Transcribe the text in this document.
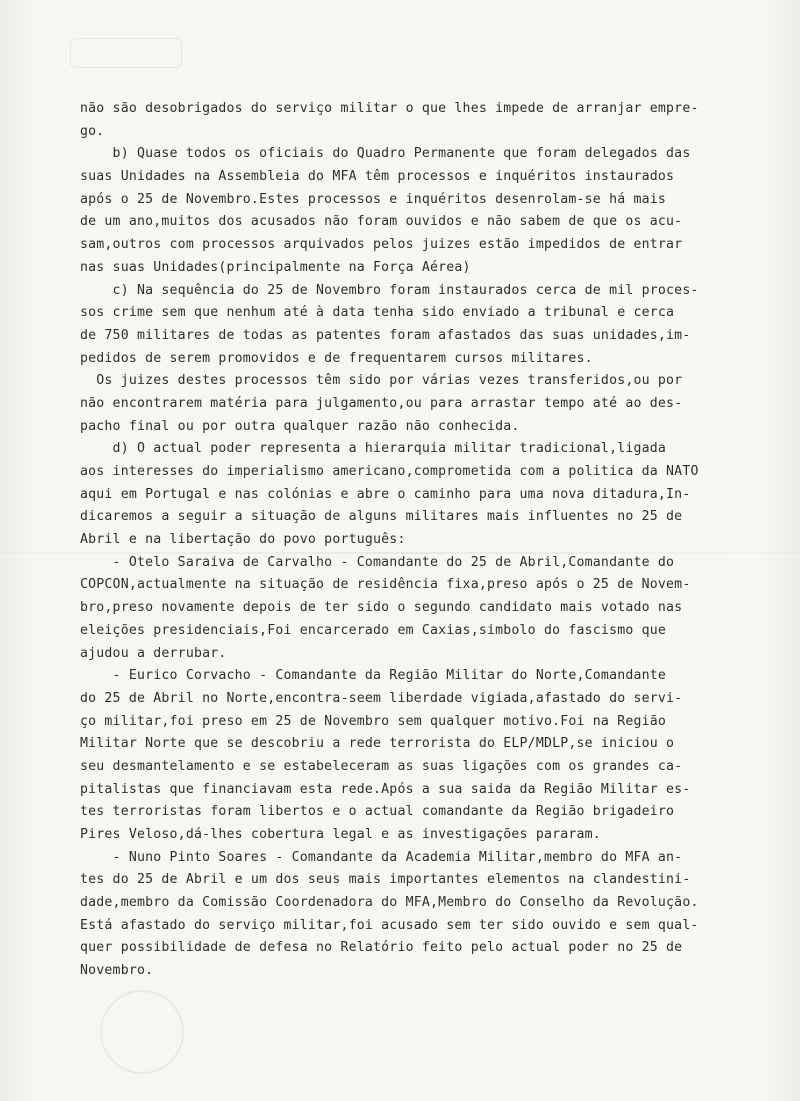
não são desobrigados do serviço militar o que lhes impede de arranjar empre-
go.
b) Quase todos os oficiais do Quadro Permanente que foram delegados das
suas Unidades na Assembleia do MFA têm processos e inquéritos instaurados
após o 25 de Novembro.Estes processos e inquéritos desenrolam-se há mais
de um ano,muitos dos acusados não foram ouvidos e não sabem de que os acu-
sam,outros com processos arquivados pelos juizes estão impedidos de entrar
nas suas Unidades(principalmente na Força Aérea)
c) Na sequência do 25 de Novembro foram instaurados cerca de mil proces-
sos crime sem que nenhum até à data tenha sido enviado a tribunal e cerca
de 750 militares de todas as patentes foram afastados das suas unidades,im-
pedidos de serem promovidos e de frequentarem cursos militares.
Os juizes destes processos têm sido por várias vezes transferidos,ou por
não encontrarem matéria para julgamento,ou para arrastar tempo até ao des-
pacho final ou por outra qualquer razão não conhecida.
d) O actual poder representa a hierarquia militar tradicional,ligada
aos interesses do imperialismo americano,comprometida com a politica da NATO
aqui em Portugal e nas colónias e abre o caminho para uma nova ditadura,In-
dicaremos a seguir a situação de alguns militares mais influentes no 25 de
Abril e na libertação do povo português:
- Otelo Saraiva de Carvalho - Comandante do 25 de Abril,Comandante do
COPCON,actualmente na situação de residência fixa,preso após o 25 de Novem-
bro,preso novamente depois de ter sido o segundo candidato mais votado nas
eleições presidenciais,Foi encarcerado em Caxias,simbolo do fascismo que
ajudou a derrubar.
- Eurico Corvacho - Comandante da Região Militar do Norte,Comandante
do 25 de Abril no Norte,encontra-seem liberdade vigiada,afastado do servi-
ço militar,foi preso em 25 de Novembro sem qualquer motivo.Foi na Região
Militar Norte que se descobriu a rede terrorista do ELP/MDLP,se iniciou o
seu desmantelamento e se estabeleceram as suas ligações com os grandes ca-
pitalistas que financiavam esta rede.Após a sua saida da Região Militar es-
tes terroristas foram libertos e o actual comandante da Região brigadeiro
Pires Veloso,dá-lhes cobertura legal e as investigações pararam.
- Nuno Pinto Soares - Comandante da Academia Militar,membro do MFA an-
tes do 25 de Abril e um dos seus mais importantes elementos na clandestini-
dade,membro da Comissão Coordenadora do MFA,Membro do Conselho da Revolução.
Está afastado do serviço militar,foi acusado sem ter sido ouvido e sem qual-
quer possibilidade de defesa no Relatório feito pelo actual poder no 25 de
Novembro.
